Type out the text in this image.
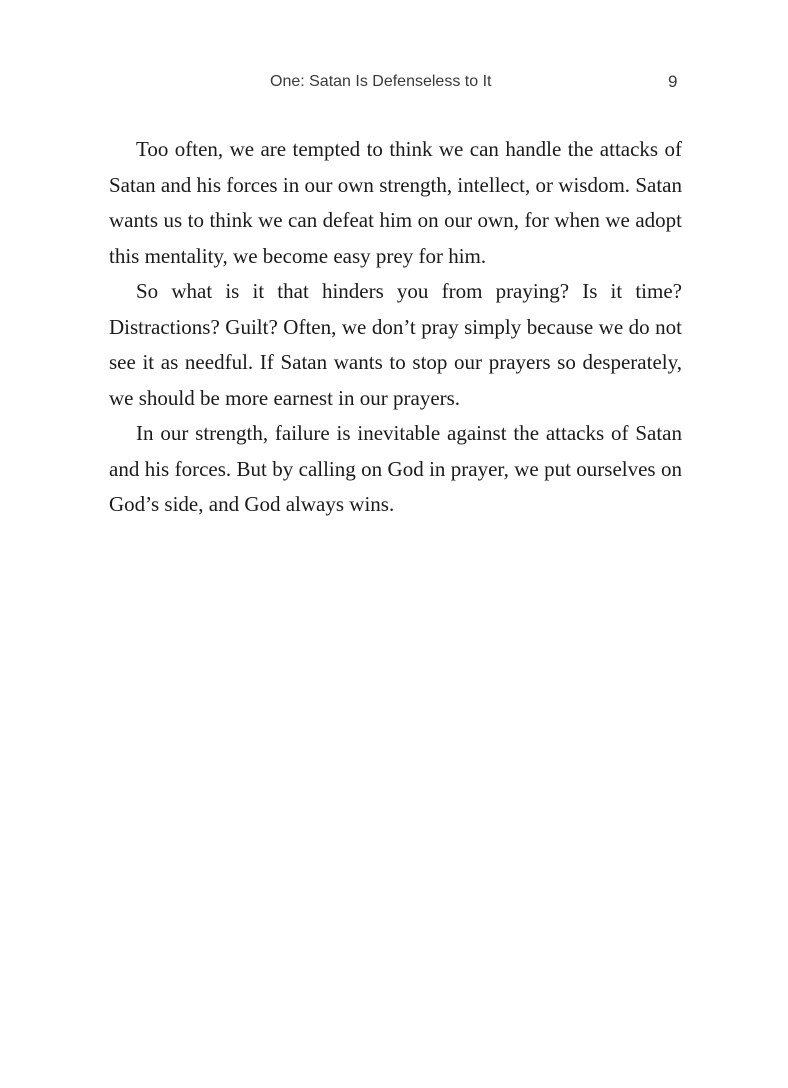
One: Satan Is Defenseless to It	9

Too often, we are tempted to think we can handle the attacks of Satan and his forces in our own strength, intellect, or wisdom. Satan wants us to think we can defeat him on our own, for when we adopt this mentality, we become easy prey for him.

So what is it that hinders you from praying? Is it time? Distractions? Guilt? Often, we don’t pray simply because we do not see it as needful. If Satan wants to stop our prayers so desperately, we should be more earnest in our prayers.

In our strength, failure is inevitable against the attacks of Satan and his forces. But by calling on God in prayer, we put ourselves on God’s side, and God always wins.
